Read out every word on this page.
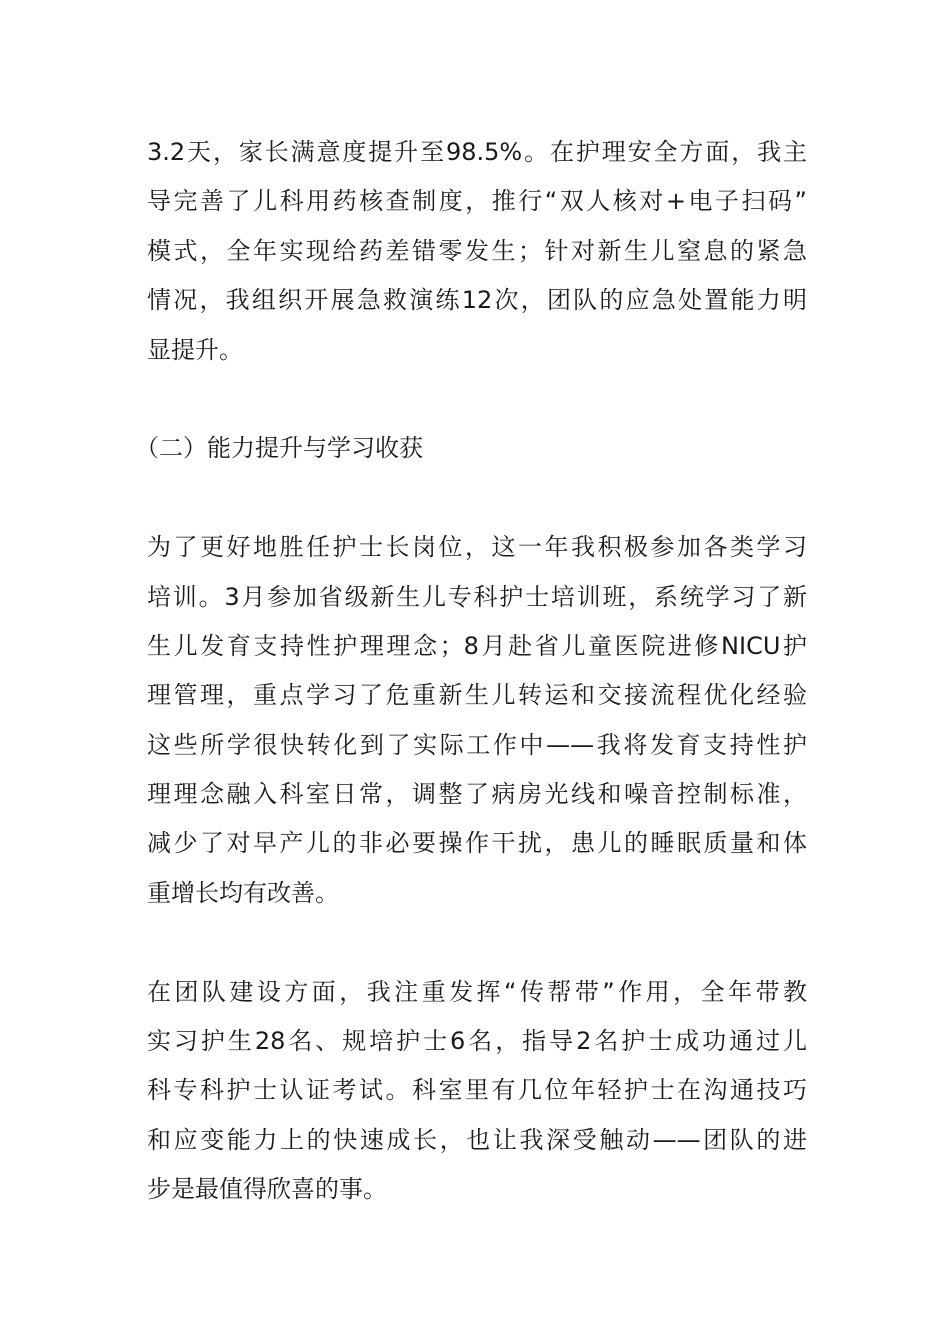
3.2天，家长满意度提升至98.5%。在护理安全方面，我主
导完善了儿科用药核查制度，推行“双人核对+电子扫码”
模式，全年实现给药差错零发生；针对新生儿窒息的紧急
情况，我组织开展急救演练12次，团队的应急处置能力明
显提升。
（二）能力提升与学习收获
为了更好地胜任护士长岗位，这一年我积极参加各类学习
培训。3月参加省级新生儿专科护士培训班，系统学习了新
生儿发育支持性护理理念；8月赴省儿童医院进修NICU护
理管理，重点学习了危重新生儿转运和交接流程优化经验
这些所学很快转化到了实际工作中——我将发育支持性护
理理念融入科室日常，调整了病房光线和噪音控制标准，
减少了对早产儿的非必要操作干扰，患儿的睡眠质量和体
重增长均有改善。
在团队建设方面，我注重发挥“传帮带”作用，全年带教
实习护生28名、规培护士6名，指导2名护士成功通过儿
科专科护士认证考试。科室里有几位年轻护士在沟通技巧
和应变能力上的快速成长，也让我深受触动——团队的进
步是最值得欣喜的事。
